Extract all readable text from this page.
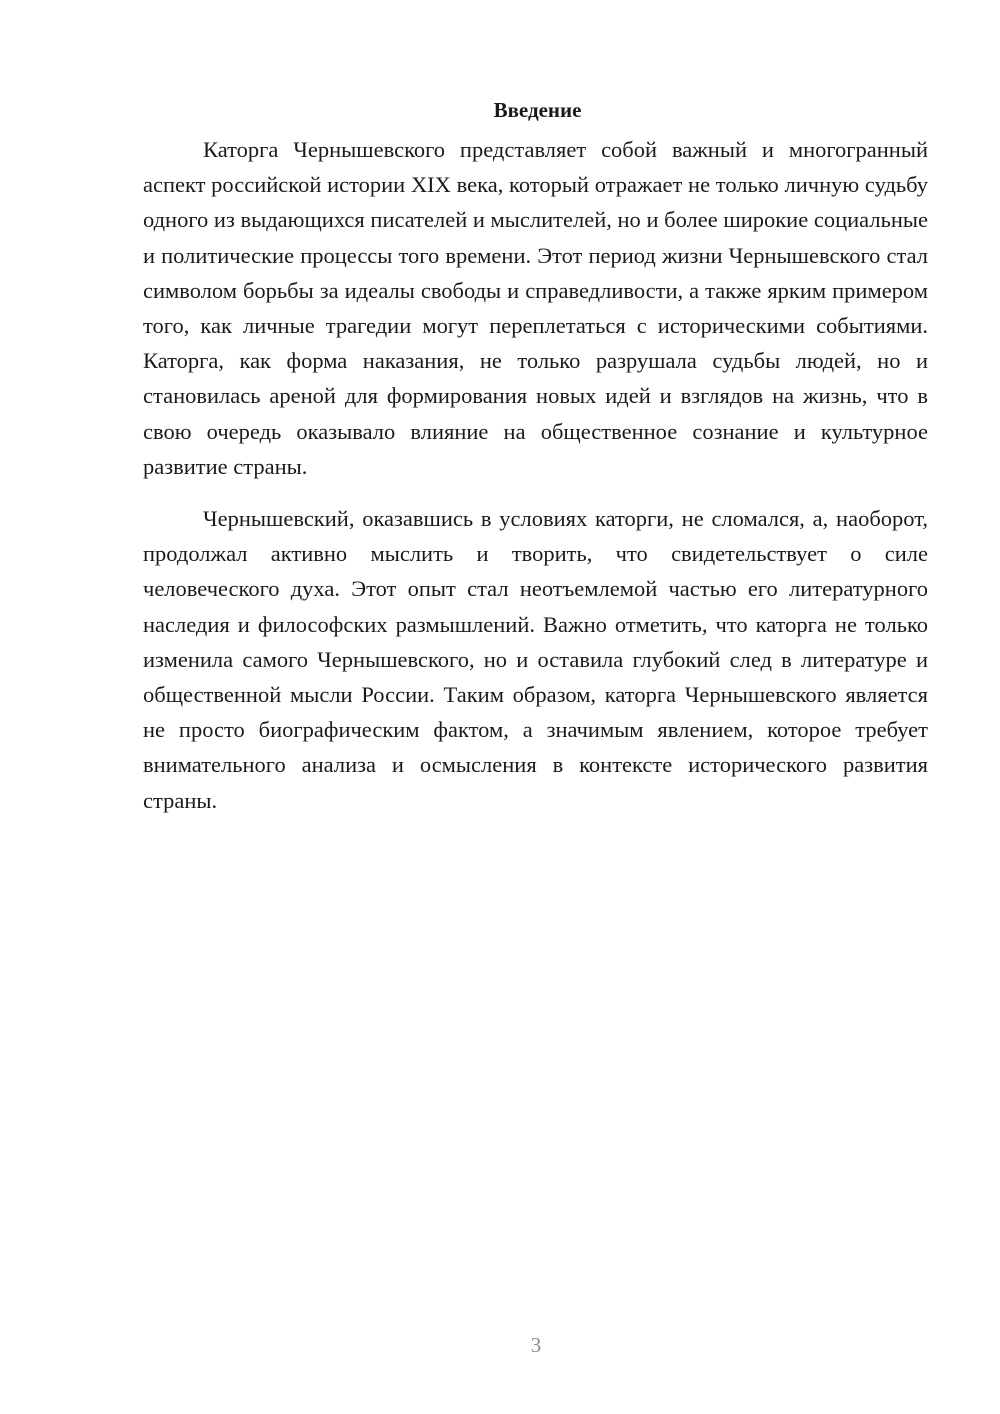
Введение

Каторга Чернышевского представляет собой важный и многогранный аспект российской истории XIX века, который отражает не только личную судьбу одного из выдающихся писателей и мыслителей, но и более широкие социальные и политические процессы того времени. Этот период жизни Чернышевского стал символом борьбы за идеалы свободы и справедливости, а также ярким примером того, как личные трагедии могут переплетаться с историческими событиями. Каторга, как форма наказания, не только разрушала судьбы людей, но и становилась ареной для формирования новых идей и взглядов на жизнь, что в свою очередь оказывало влияние на общественное сознание и культурное развитие страны.

Чернышевский, оказавшись в условиях каторги, не сломался, а, наоборот, продолжал активно мыслить и творить, что свидетельствует о силе человеческого духа. Этот опыт стал неотъемлемой частью его литературного наследия и философских размышлений. Важно отметить, что каторга не только изменила самого Чернышевского, но и оставила глубокий след в литературе и общественной мысли России. Таким образом, каторга Чернышевского является не просто биографическим фактом, а значимым явлением, которое требует внимательного анализа и осмысления в контексте исторического развития страны.

3
